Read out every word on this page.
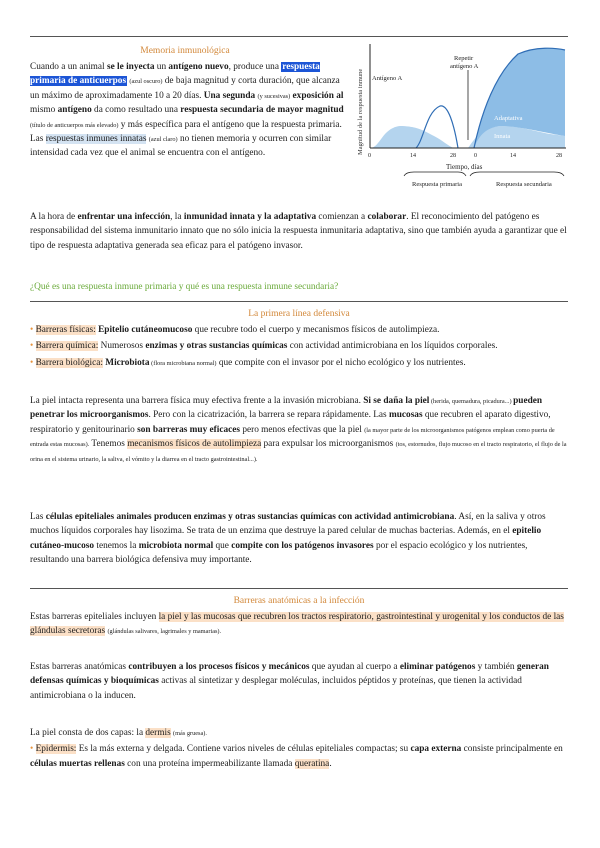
Memoria inmunológica

Cuando a un animal se le inyecta un antígeno nuevo, produce una respuesta primaria de anticuerpos (azul oscuro) de baja magnitud y corta duración, que alcanza un máximo de aproximadamente 10 a 20 días. Una segunda (y sucesivas) exposición al mismo antígeno da como resultado una respuesta secundaria de mayor magnitud (título de anticuerpos más elevado) y más específica para el antígeno que la respuesta primaria. Las respuestas inmunes innatas (azul claro) no tienen memoria y ocurren con similar intensidad cada vez que el animal se encuentra con el antígeno.	Magnitud de la respuesta inmune Antígeno A
Repetir
antígeno A
Adaptativa
Innata
0	14	28	0	14	28
Tiempo, días
Respuesta primaria	Respuesta secundaria

A la hora de enfrentar una infección, la inmunidad innata y la adaptativa comienzan a colaborar. El reconocimiento del patógeno es responsabilidad del sistema inmunitario innato que no sólo inicia la respuesta inmunitaria adaptativa, sino que también ayuda a garantizar que el tipo de respuesta adaptativa generada sea eficaz para el patógeno invasor.

¿Qué es una respuesta inmune primaria y qué es una respuesta inmune secundaria?
La primera línea defensiva

• Barreras físicas: Epitelio cutáneomucoso que recubre todo el cuerpo y mecanismos físicos de autolimpieza.

• Barrera química: Numerosos enzimas y otras sustancias químicas con actividad antimicrobiana en los líquidos corporales.

• Barrera biológica: Microbiota (flora microbiana normal) que compite con el invasor por el nicho ecológico y los nutrientes.

La piel intacta representa una barrera física muy efectiva frente a la invasión microbiana. Si se daña la piel (herida, quemadura, picadura...) pueden penetrar los microorganismos. Pero con la cicatrización, la barrera se repara rápidamente. Las mucosas que recubren el aparato digestivo, respiratorio y genitourinario son barreras muy eficaces pero menos efectivas que la piel (la mayor parte de los microorganismos patógenos emplean como puerta de entrada estas mucosas). Tenemos mecanismos físicos de autolimpieza para expulsar los microorganismos (tos, estornudos, flujo mucoso en el tracto respiratorio, el flujo de la orina en el sistema urinario, la saliva, el vómito y la diarrea en el tracto gastrointestinal...).

Las células epiteliales animales producen enzimas y otras sustancias químicas con actividad antimicrobiana. Así, en la saliva y otros muchos líquidos corporales hay lisozima. Se trata de un enzima que destruye la pared celular de muchas bacterias. Además, en el epitelio cutáneo-mucoso tenemos la microbiota normal que compite con los patógenos invasores por el espacio ecológico y los nutrientes, resultando una barrera biológica defensiva muy importante.

Barreras anatómicas a la infección

Estas barreras epiteliales incluyen la piel y las mucosas que recubren los tractos respiratorio, gastrointestinal y urogenital y los conductos de las glándulas secretoras (glándulas salivares, lagrimales y mamarias).

Estas barreras anatómicas contribuyen a los procesos físicos y mecánicos que ayudan al cuerpo a eliminar patógenos y también generan defensas químicas y bioquímicas activas al sintetizar y desplegar moléculas, incluidos péptidos y proteínas, que tienen la actividad antimicrobiana o la inducen.

La piel consta de dos capas: la dermis (más gruesa).

• Epidermis: Es la más externa y delgada. Contiene varios niveles de células epiteliales compactas; su capa externa consiste principalmente en células muertas rellenas con una proteína impermeabilizante llamada queratina.
